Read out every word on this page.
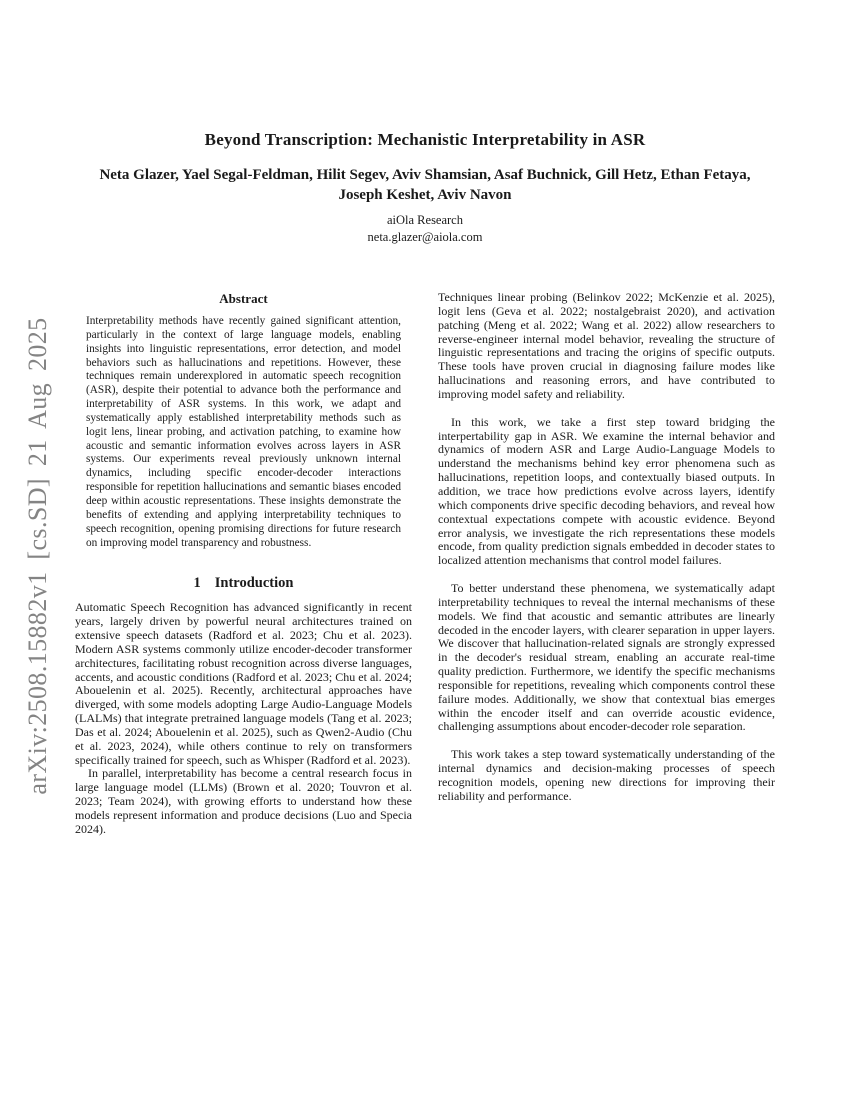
arXiv:2508.15882v1 [cs.SD] 21 Aug 2025
Beyond Transcription: Mechanistic Interpretability in ASR
Neta Glazer, Yael Segal-Feldman, Hilit Segev, Aviv Shamsian, Asaf Buchnick, Gill Hetz, Ethan Fetaya, Joseph Keshet, Aviv Navon
aiOla Research
neta.glazer@aiola.com
Abstract

Interpretability methods have recently gained significant attention, particularly in the context of large language models, enabling insights into linguistic representations, error detection, and model behaviors such as hallucinations and repetitions. However, these techniques remain underexplored in automatic speech recognition (ASR), despite their potential to advance both the performance and interpretability of ASR systems. In this work, we adapt and systematically apply established interpretability methods such as logit lens, linear probing, and activation patching, to examine how acoustic and semantic information evolves across layers in ASR systems. Our experiments reveal previously unknown internal dynamics, including specific encoder-decoder interactions responsible for repetition hallucinations and semantic biases encoded deep within acoustic representations. These insights demonstrate the benefits of extending and applying interpretability techniques to speech recognition, opening promising directions for future research on improving model transparency and robustness.

1 Introduction

Automatic Speech Recognition has advanced significantly in recent years, largely driven by powerful neural architectures trained on extensive speech datasets (Radford et al. 2023; Chu et al. 2023). Modern ASR systems commonly utilize encoder-decoder transformer architectures, facilitating robust recognition across diverse languages, accents, and acoustic conditions (Radford et al. 2023; Chu et al. 2024; Abouelenin et al. 2025). Recently, architectural approaches have diverged, with some models adopting Large Audio-Language Models (LALMs) that integrate pretrained language models (Tang et al. 2023; Das et al. 2024; Abouelenin et al. 2025), such as Qwen2-Audio (Chu et al. 2023, 2024), while others continue to rely on transformers specifically trained for speech, such as Whisper (Radford et al. 2023).

In parallel, interpretability has become a central research focus in large language model (LLMs) (Brown et al. 2020; Touvron et al. 2023; Team 2024), with growing efforts to understand how these models represent information and produce decisions (Luo and Specia 2024).

Techniques linear probing (Belinkov 2022; McKenzie et al. 2025), logit lens (Geva et al. 2022; nostalgebraist 2020), and activation patching (Meng et al. 2022; Wang et al. 2022) allow researchers to reverse-engineer internal model behavior, revealing the structure of linguistic representations and tracing the origins of specific outputs. These tools have proven crucial in diagnosing failure modes like hallucinations and reasoning errors, and have contributed to improving model safety and reliability.

In this work, we take a first step toward bridging the interpertability gap in ASR. We examine the internal behavior and dynamics of modern ASR and Large Audio-Language Models to understand the mechanisms behind key error phenomena such as hallucinations, repetition loops, and contextually biased outputs. In addition, we trace how predictions evolve across layers, identify which components drive specific decoding behaviors, and reveal how contextual expectations compete with acoustic evidence. Beyond error analysis, we investigate the rich representations these models encode, from quality prediction signals embedded in decoder states to localized attention mechanisms that control model failures.

To better understand these phenomena, we systematically adapt interpretability techniques to reveal the internal mechanisms of these models. We find that acoustic and semantic attributes are linearly decoded in the encoder layers, with clearer separation in upper layers. We discover that hallucination-related signals are strongly expressed in the decoder's residual stream, enabling an accurate real-time quality prediction. Furthermore, we identify the specific mechanisms responsible for repetitions, revealing which components control these failure modes. Additionally, we show that contextual bias emerges within the encoder itself and can override acoustic evidence, challenging assumptions about encoder-decoder role separation.

This work takes a step toward systematically understanding of the internal dynamics and decision-making processes of speech recognition models, opening new directions for improving their reliability and performance.
